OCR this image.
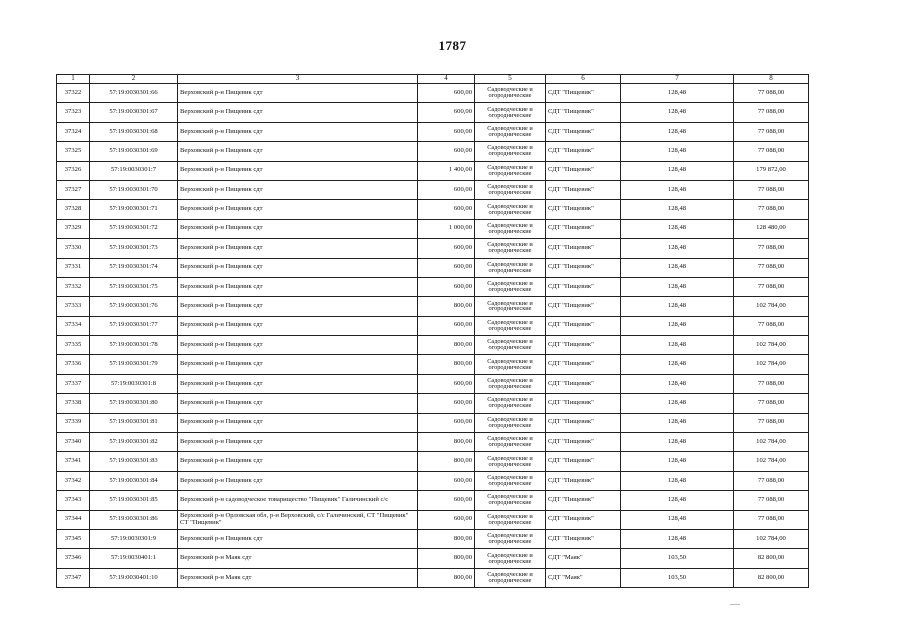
1787
1	2	3	4	5	6	7	8
37322	57:19:0030301:66	Верховский р-н Пищевик сдт	600,00	Садоводческие и огороднические	СДТ "Пищевик"	128,48	77 088,00
37323	57:19:0030301:67	Верховский р-н Пищевик сдт	600,00	Садоводческие и огороднические	СДТ "Пищевик"	128,48	77 088,00
37324	57:19:0030301:68	Верховский р-н Пищевик сдт	600,00	Садоводческие и огороднические	СДТ "Пищевик"	128,48	77 088,00
37325	57:19:0030301:69	Верховский р-н Пищевик сдт	600,00	Садоводческие и огороднические	СДТ "Пищевик"	128,48	77 088,00
37326	57:19:0030301:7	Верховский р-н Пищевик сдт	1 400,00	Садоводческие и огороднические	СДТ "Пищевик"	128,48	179 872,00
37327	57:19:0030301:70	Верховский р-н Пищевик сдт	600,00	Садоводческие и огороднические	СДТ "Пищевик"	128,48	77 088,00
37328	57:19:0030301:71	Верховский р-н Пищевик сдт	600,00	Садоводческие и огороднические	СДТ "Пищевик"	128,48	77 088,00
37329	57:19:0030301:72	Верховский р-н Пищевик сдт	1 000,00	Садоводческие и огороднические	СДТ "Пищевик"	128,48	128 480,00
37330	57:19:0030301:73	Верховский р-н Пищевик сдт	600,00	Садоводческие и огороднические	СДТ "Пищевик"	128,48	77 088,00
37331	57:19:0030301:74	Верховский р-н Пищевик сдт	600,00	Садоводческие и огороднические	СДТ "Пищевик"	128,48	77 088,00
37332	57:19:0030301:75	Верховский р-н Пищевик сдт	600,00	Садоводческие и огороднические	СДТ "Пищевик"	128,48	77 088,00
37333	57:19:0030301:76	Верховский р-н Пищевик сдт	800,00	Садоводческие и огороднические	СДТ "Пищевик"	128,48	102 784,00
37334	57:19:0030301:77	Верховский р-н Пищевик сдт	600,00	Садоводческие и огороднические	СДТ "Пищевик"	128,48	77 088,00
37335	57:19:0030301:78	Верховский р-н Пищевик сдт	800,00	Садоводческие и огороднические	СДТ "Пищевик"	128,48	102 784,00
37336	57:19:0030301:79	Верховский р-н Пищевик сдт	800,00	Садоводческие и огороднические	СДТ "Пищевик"	128,48	102 784,00
37337	57:19:0030301:8	Верховский р-н Пищевик сдт	600,00	Садоводческие и огороднические	СДТ "Пищевик"	128,48	77 088,00
37338	57:19:0030301:80	Верховский р-н Пищевик сдт	600,00	Садоводческие и огороднические	СДТ "Пищевик"	128,48	77 088,00
37339	57:19:0030301:81	Верховский р-н Пищевик сдт	600,00	Садоводческие и огороднические	СДТ "Пищевик"	128,48	77 088,00
37340	57:19:0030301:82	Верховский р-н Пищевик сдт	800,00	Садоводческие и огороднические	СДТ "Пищевик"	128,48	102 784,00
37341	57:19:0030301:83	Верховский р-н Пищевик сдт	800,00	Садоводческие и огороднические	СДТ "Пищевик"	128,48	102 784,00
37342	57:19:0030301:84	Верховский р-н Пищевик сдт	600,00	Садоводческие и огороднические	СДТ "Пищевик"	128,48	77 088,00
37343	57:19:0030301:85	Верховский р-н садоводческое товарищество "Пищевик" Галичинский с/с	600,00	Садоводческие и огороднические	СДТ "Пищевик"	128,48	77 088,00
37344	57:19:0030301:86	Верховский р-н Орловская обл, р-н Верховский, с/с Галичинский, СТ "Пищевик" СТ "Пищевик"	600,00	Садоводческие и огороднические	СДТ "Пищевик"	128,48	77 088,00
37345	57:19:0030301:9	Верховский р-н Пищевик сдт	800,00	Садоводческие и огороднические	СДТ "Пищевик"	128,48	102 784,00
37346	57:19:0030401:1	Верховский р-н Маяк сдт	800,00	Садоводческие и огороднические	СДТ "Маяк"	103,50	82 800,00
37347	57:19:0030401:10	Верховский р-н Маяк сдт	800,00	Садоводческие и огороднические	СДТ "Маяк"	103,50	82 800,00
